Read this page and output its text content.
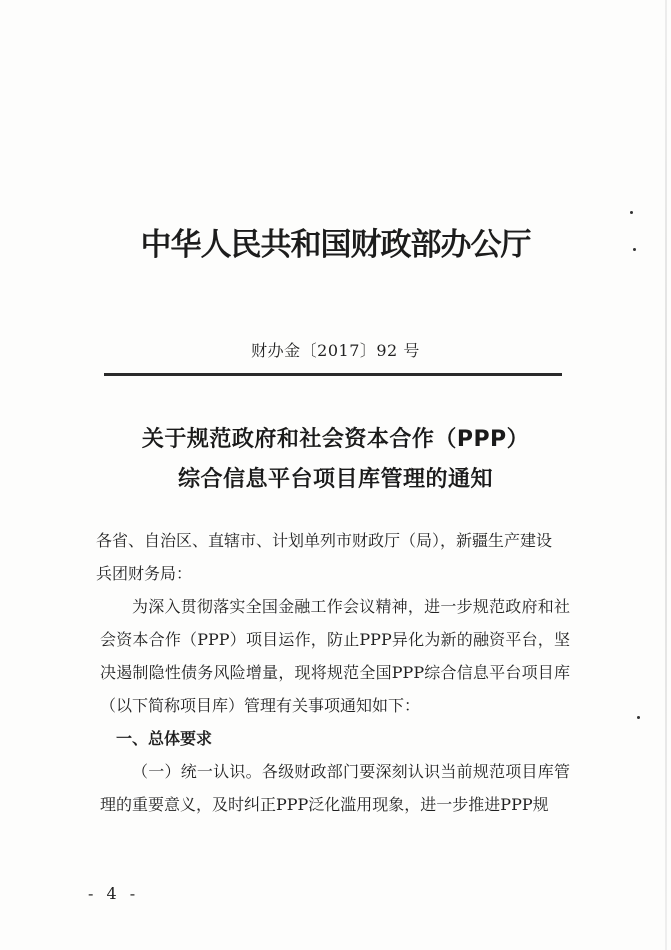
中华人民共和国财政部办公厅
财办金〔2017〕92 号
关于规范政府和社会资本合作（PPP）
综合信息平台项目库管理的通知

各省、自治区、直辖市、计划单列市财政厅（局），新疆生产建设

兵团财务局：

为深入贯彻落实全国金融工作会议精神，进一步规范政府和社会资本合作（PPP）项目运作，防止PPP异化为新的融资平台，坚决遏制隐性债务风险增量，现将规范全国PPP综合信息平台项目库（以下简称项目库）管理有关事项通知如下：

一、总体要求

（一）统一认识。各级财政部门要深刻认识当前规范项目库管理的重要意义，及时纠正PPP泛化滥用现象，进一步推进PPP规

- 4 -
